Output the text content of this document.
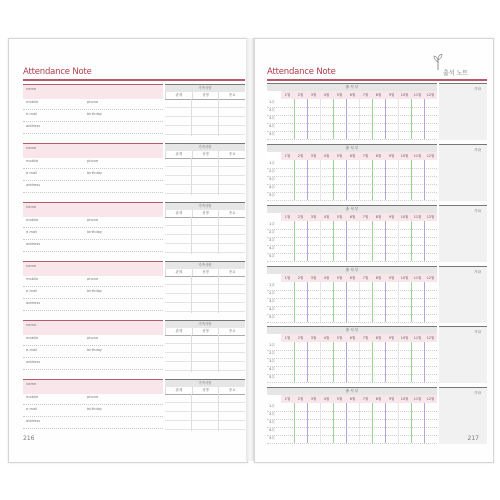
Attendance Note
name
mobile	phone
e-mail	birthday
address
가족사항
관계	성명	종교
name
mobile	phone
e-mail	birthday
address
가족사항
관계	성명	종교
name
mobile	phone
e-mail	birthday
address
가족사항
관계	성명	종교
name
mobile	phone
e-mail	birthday
address
가족사항
관계	성명	종교
name
mobile	phone
e-mail	birthday
address
가족사항
관계	성명	종교
name
mobile	phone
e-mail	birthday
address
가족사항
관계	성명	종교
216
Attendance Note	출석 노트
출 석 부
1월	2월	3월	4월	5월	6월	7월	8월	9월	10월	11월	12월
1주
2주
3주
4주
5주
기타
출 석 부
1월	2월	3월	4월	5월	6월	7월	8월	9월	10월	11월	12월
1주
2주
3주
4주
5주
기타
출 석 부
1월	2월	3월	4월	5월	6월	7월	8월	9월	10월	11월	12월
1주
2주
3주
4주
5주
기타
출 석 부
1월	2월	3월	4월	5월	6월	7월	8월	9월	10월	11월	12월
1주
2주
3주
4주
5주
기타
출 석 부
1월	2월	3월	4월	5월	6월	7월	8월	9월	10월	11월	12월
1주
2주
3주
4주
5주
기타
출 석 부
1월	2월	3월	4월	5월	6월	7월	8월	9월	10월	11월	12월
1주
2주
3주
4주
5주
기타
217
